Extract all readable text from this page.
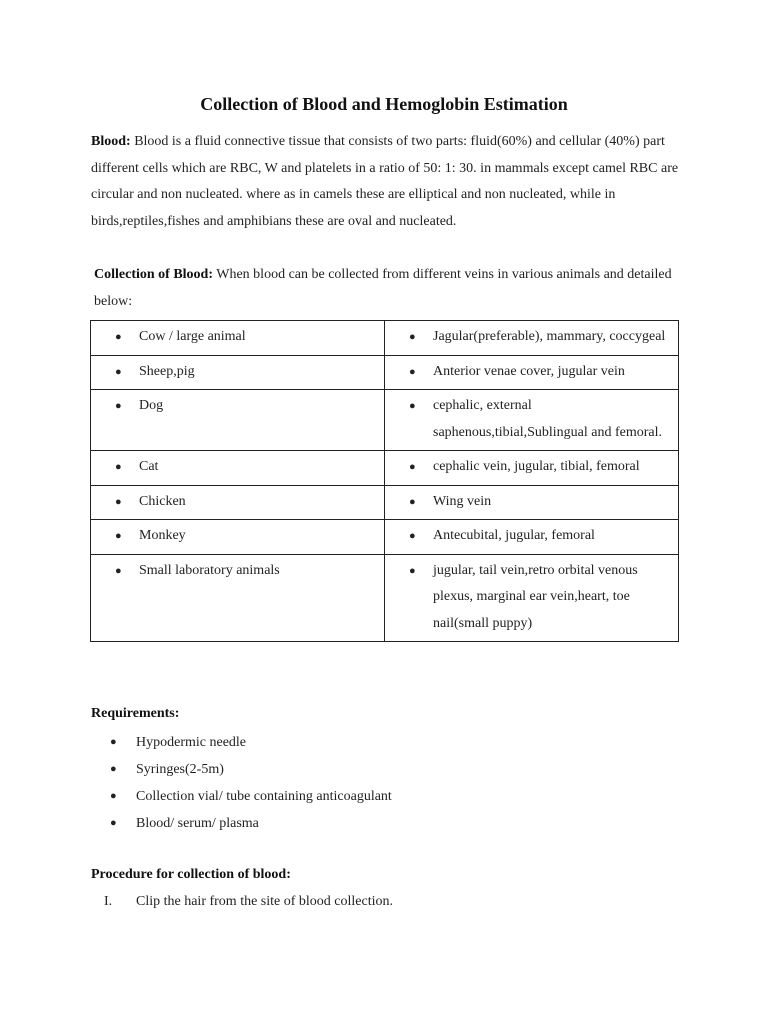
Collection of Blood and Hemoglobin Estimation
Blood: Blood is a fluid connective tissue that consists of two parts: fluid(60%) and cellular (40%) part different cells which are RBC, W and platelets in a ratio of 50: 1: 30. in mammals except camel RBC are circular and non nucleated. where as in camels these are elliptical and non nucleated, while in birds,reptiles,fishes and amphibians these are oval and nucleated.
Collection of Blood: When blood can be collected from different veins in various animals and detailed below:
● Cow / large animal	● Jagular(preferable), mammary, coccygeal

● Sheep,pig	● Anterior venae cover, jugular vein

● Dog	● cephalic, external saphenous,tibial,Sublingual and femoral.

● Cat	● cephalic vein, jugular, tibial, femoral

● Chicken	● Wing vein

● Monkey	● Antecubital, jugular, femoral

● Small laboratory animals	● jugular, tail vein,retro orbital venous plexus, marginal ear vein,heart, toe nail(small puppy)
Requirements:
●	Hypodermic needle
●	Syringes(2-5m)
●	Collection vial/ tube containing anticoagulant
●	Blood/ serum/ plasma
Procedure for collection of blood:
I.	Clip the hair from the site of blood collection.
